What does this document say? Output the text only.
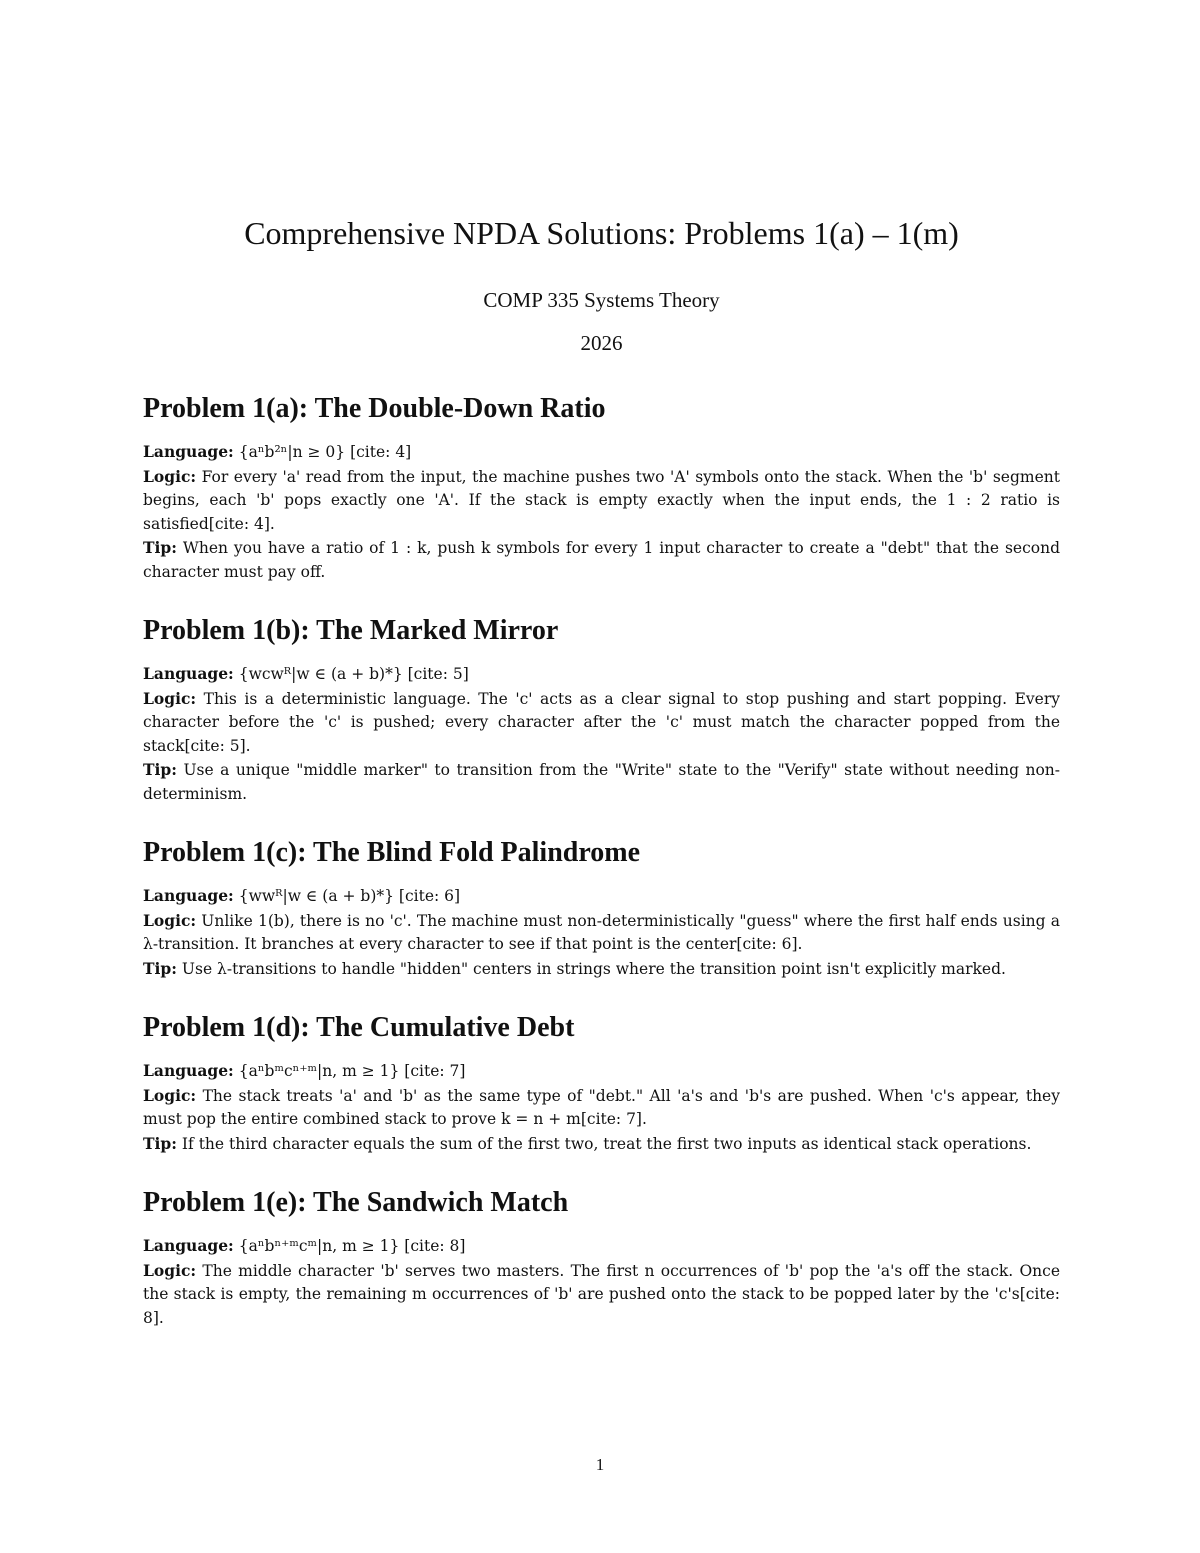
Comprehensive NPDA Solutions: Problems 1(a) – 1(m)
COMP 335 Systems Theory
2026
Problem 1(a): The Double-Down Ratio

Language: {aⁿb²ⁿ|n ≥ 0} [cite: 4]

Logic: For every 'a' read from the input, the machine pushes two 'A' symbols onto the stack. When the 'b' segment begins, each 'b' pops exactly one 'A'. If the stack is empty exactly when the input ends, the 1 : 2 ratio is satisfied[cite: 4].

Tip: When you have a ratio of 1 : k, push k symbols for every 1 input character to create a "debt" that the second character must pay off.

Problem 1(b): The Marked Mirror

Language: {wcwᴿ|w ∈ (a + b)*} [cite: 5]

Logic: This is a deterministic language. The 'c' acts as a clear signal to stop pushing and start popping. Every character before the 'c' is pushed; every character after the 'c' must match the character popped from the stack[cite: 5].

Tip: Use a unique "middle marker" to transition from the "Write" state to the "Verify" state without needing non-determinism.

Problem 1(c): The Blind Fold Palindrome

Language: {wwᴿ|w ∈ (a + b)*} [cite: 6]

Logic: Unlike 1(b), there is no 'c'. The machine must non-deterministically "guess" where the first half ends using a λ-transition. It branches at every character to see if that point is the center[cite: 6].

Tip: Use λ-transitions to handle "hidden" centers in strings where the transition point isn't explicitly marked.

Problem 1(d): The Cumulative Debt

Language: {aⁿbᵐcⁿ⁺ᵐ|n, m ≥ 1} [cite: 7]

Logic: The stack treats 'a' and 'b' as the same type of "debt." All 'a's and 'b's are pushed. When 'c's appear, they must pop the entire combined stack to prove k = n + m[cite: 7].

Tip: If the third character equals the sum of the first two, treat the first two inputs as identical stack operations.

Problem 1(e): The Sandwich Match

Language: {aⁿbⁿ⁺ᵐcᵐ|n, m ≥ 1} [cite: 8]

Logic: The middle character 'b' serves two masters. The first n occurrences of 'b' pop the 'a's off the stack. Once the stack is empty, the remaining m occurrences of 'b' are pushed onto the stack to be popped later by the 'c's[cite: 8].

1
